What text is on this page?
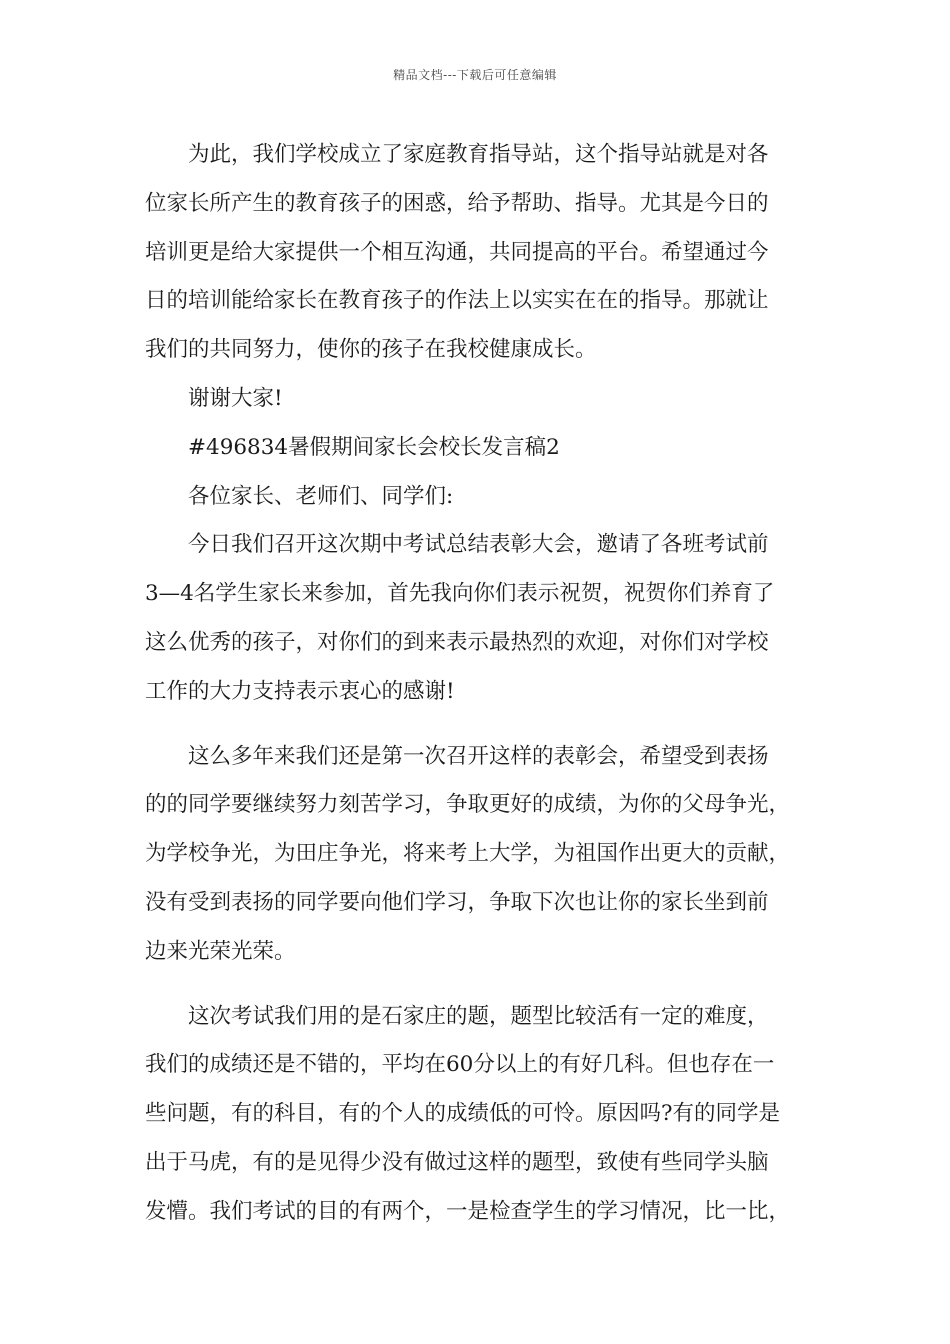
精品文档---下载后可任意编辑
为此，我们学校成立了家庭教育指导站，这个指导站就是对各
位家长所产生的教育孩子的困惑，给予帮助、指导。尤其是今日的
培训更是给大家提供一个相互沟通，共同提高的平台。希望通过今
日的培训能给家长在教育孩子的作法上以实实在在的指导。那就让
我们的共同努力，使你的孩子在我校健康成长。
谢谢大家!
#496834暑假期间家长会校长发言稿2
各位家长、老师们、同学们:
今日我们召开这次期中考试总结表彰大会，邀请了各班考试前
3—4名学生家长来参加，首先我向你们表示祝贺，祝贺你们养育了
这么优秀的孩子，对你们的到来表示最热烈的欢迎，对你们对学校
工作的大力支持表示衷心的感谢!
这么多年来我们还是第一次召开这样的表彰会，希望受到表扬
的的同学要继续努力刻苦学习，争取更好的成绩，为你的父母争光，
为学校争光，为田庄争光，将来考上大学，为祖国作出更大的贡献，
没有受到表扬的同学要向他们学习，争取下次也让你的家长坐到前
边来光荣光荣。
这次考试我们用的是石家庄的题，题型比较活有一定的难度，
我们的成绩还是不错的，平均在60分以上的有好几科。但也存在一
些问题，有的科目，有的个人的成绩低的可怜。原因吗?有的同学是
出于马虎，有的是见得少没有做过这样的题型，致使有些同学头脑
发懵。我们考试的目的有两个，一是检查学生的学习情况，比一比，
